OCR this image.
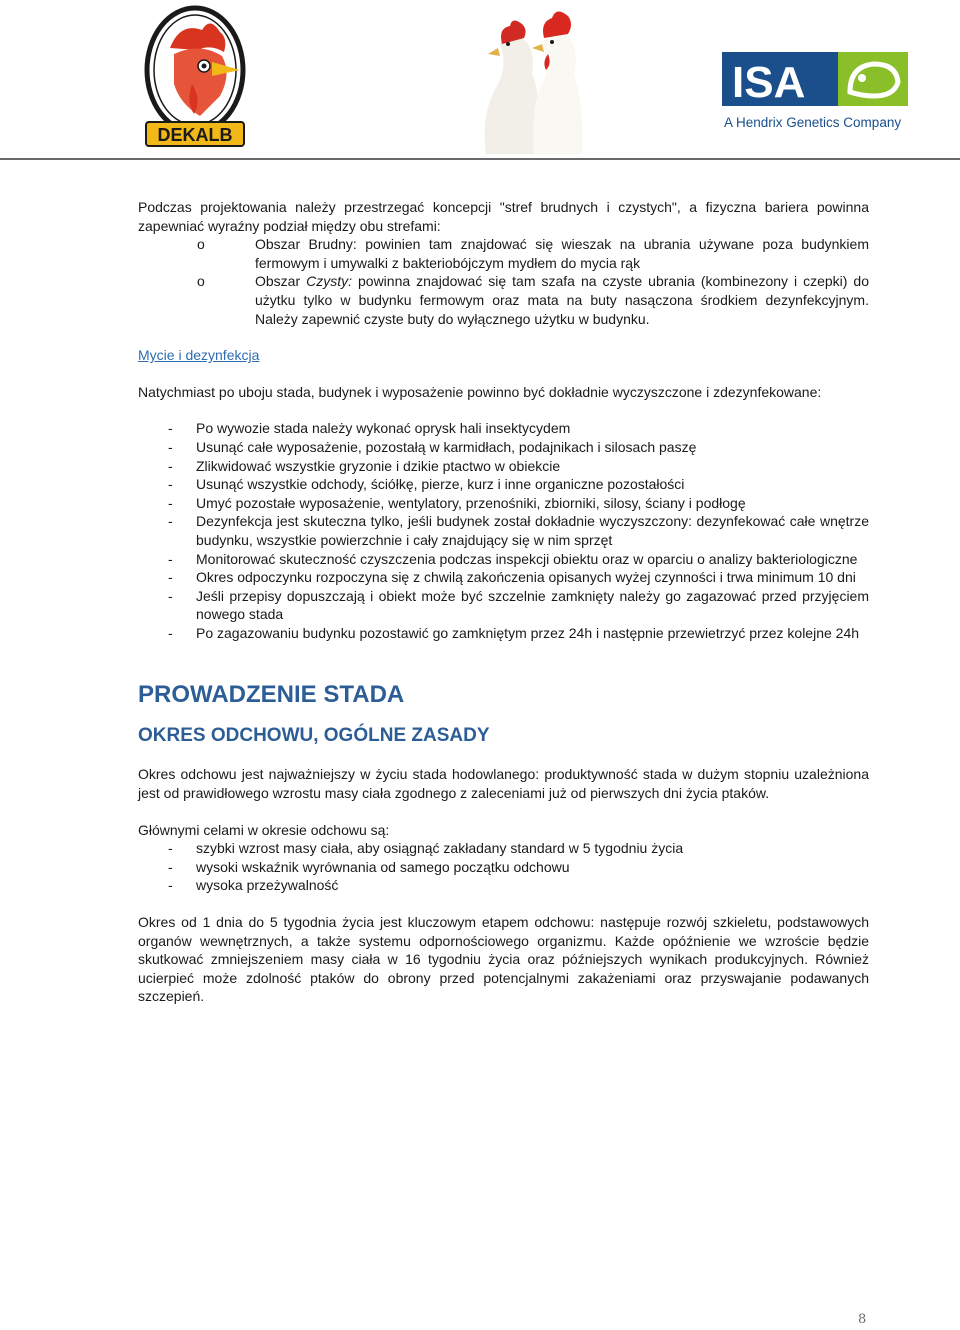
DEKALB
ISA
A Hendrix Genetics Company

Podczas projektowania należy przestrzegać koncepcji "stref brudnych i czystych", a fizyczna bariera powinna zapewniać wyraźny podział między obu strefami:

o	Obszar Brudny: powinien tam znajdować się wieszak na ubrania używane poza budynkiem fermowym i umywalki z bakteriobójczym mydłem do mycia rąk
o	Obszar Czysty: powinna znajdować się tam szafa na czyste ubrania (kombinezony i czepki) do użytku tylko w budynku fermowym oraz mata na buty nasączona środkiem dezynfekcyjnym. Należy zapewnić czyste buty do wyłącznego użytku w budynku.

Mycie i dezynfekcja

Natychmiast po uboju stada, budynek i wyposażenie powinno być dokładnie wyczyszczone i zdezynfekowane:

- Po wywozie stada należy wykonać oprysk hali insektycydem
- Usunąć całe wyposażenie, pozostałą w karmidłach, podajnikach i silosach paszę
- Zlikwidować wszystkie gryzonie i dzikie ptactwo w obiekcie
- Usunąć wszystkie odchody, ściółkę, pierze, kurz i inne organiczne pozostałości
- Umyć pozostałe wyposażenie, wentylatory, przenośniki, zbiorniki, silosy, ściany i podłogę
- Dezynfekcja jest skuteczna tylko, jeśli budynek został dokładnie wyczyszczony: dezynfekować całe wnętrze budynku, wszystkie powierzchnie i cały znajdujący się w nim sprzęt
- Monitorować skuteczność czyszczenia podczas inspekcji obiektu oraz w oparciu o analizy bakteriologiczne
- Okres odpoczynku rozpoczyna się z chwilą zakończenia opisanych wyżej czynności i trwa minimum 10 dni
- Jeśli przepisy dopuszczają i obiekt może być szczelnie zamknięty należy go zagazować przed przyjęciem nowego stada
- Po zagazowaniu budynku pozostawić go zamkniętym przez 24h i następnie przewietrzyć przez kolejne 24h

PROWADZENIE STADA

OKRES ODCHOWU, OGÓLNE ZASADY

Okres odchowu jest najważniejszy w życiu stada hodowlanego: produktywność stada w dużym stopniu uzależniona jest od prawidłowego wzrostu masy ciała zgodnego z zaleceniami już od pierwszych dni życia ptaków.

Głównymi celami w okresie odchowu są:

- szybki wzrost masy ciała, aby osiągnąć zakładany standard w 5 tygodniu życia
- wysoki wskaźnik wyrównania od samego początku odchowu
- wysoka przeżywalność

Okres od 1 dnia do 5 tygodnia życia jest kluczowym etapem odchowu: następuje rozwój szkieletu, podstawowych organów wewnętrznych, a także systemu odpornościowego organizmu. Każde opóźnienie we wzroście będzie skutkować zmniejszeniem masy ciała w 16 tygodniu życia oraz późniejszych wynikach produkcyjnych. Również ucierpieć może zdolność ptaków do obrony przed potencjalnymi zakażeniami oraz przyswajanie podawanych szczepień.

8
